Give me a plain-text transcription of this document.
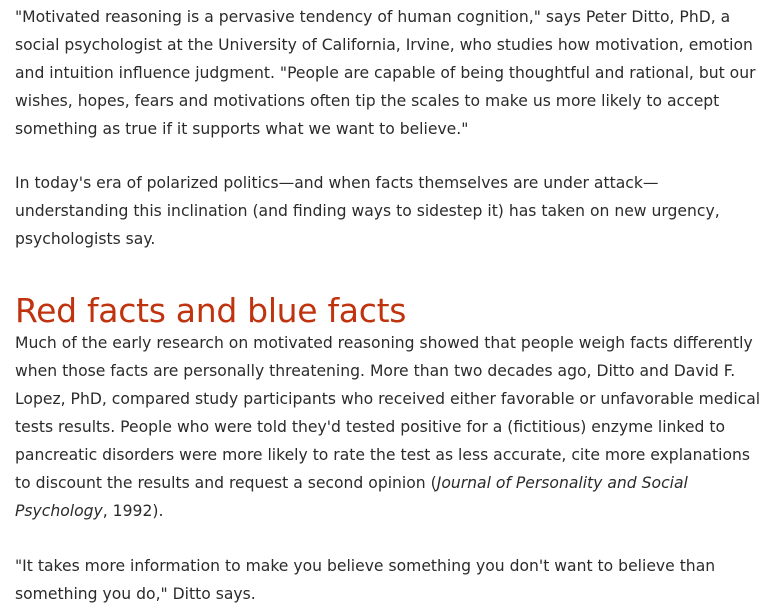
"Motivated reasoning is a pervasive tendency of human cognition," says Peter Ditto, PhD, a social psychologist at the University of California, Irvine, who studies how motivation, emotion and intuition influence judgment. "People are capable of being thoughtful and rational, but our wishes, hopes, fears and motivations often tip the scales to make us more likely to accept something as true if it supports what we want to believe."

In today's era of polarized politics—and when facts themselves are under attack—understanding this inclination (and finding ways to sidestep it) has taken on new urgency, psychologists say.

Red facts and blue facts

Much of the early research on motivated reasoning showed that people weigh facts differently when those facts are personally threatening. More than two decades ago, Ditto and David F. Lopez, PhD, compared study participants who received either favorable or unfavorable medical tests results. People who were told they'd tested positive for a (fictitious) enzyme linked to pancreatic disorders were more likely to rate the test as less accurate, cite more explanations to discount the results and request a second opinion (Journal of Personality and Social Psychology, 1992).

"It takes more information to make you believe something you don't want to believe than something you do," Ditto says.
